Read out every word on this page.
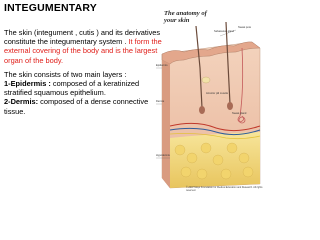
INTEGUMENTARY

The skin (integument , cutis ) and its derivatives constitute the integumentary system . It form the external covering of the body and is the largest organ of the body.

The skin consists of two main layers :

1-Epidermis : composed of a keratinized stratified squamous epithelium.

2-Dermis: composed of a dense connective tissue.

The anatomy of your skin
Sweat pore
Sebaceous gland
Epidermis
Dermis
Hypodermis
Arrector pili muscle
Sweat gland
© 2007 Mayo Foundation for Medical Education and Research. All rights reserved.
